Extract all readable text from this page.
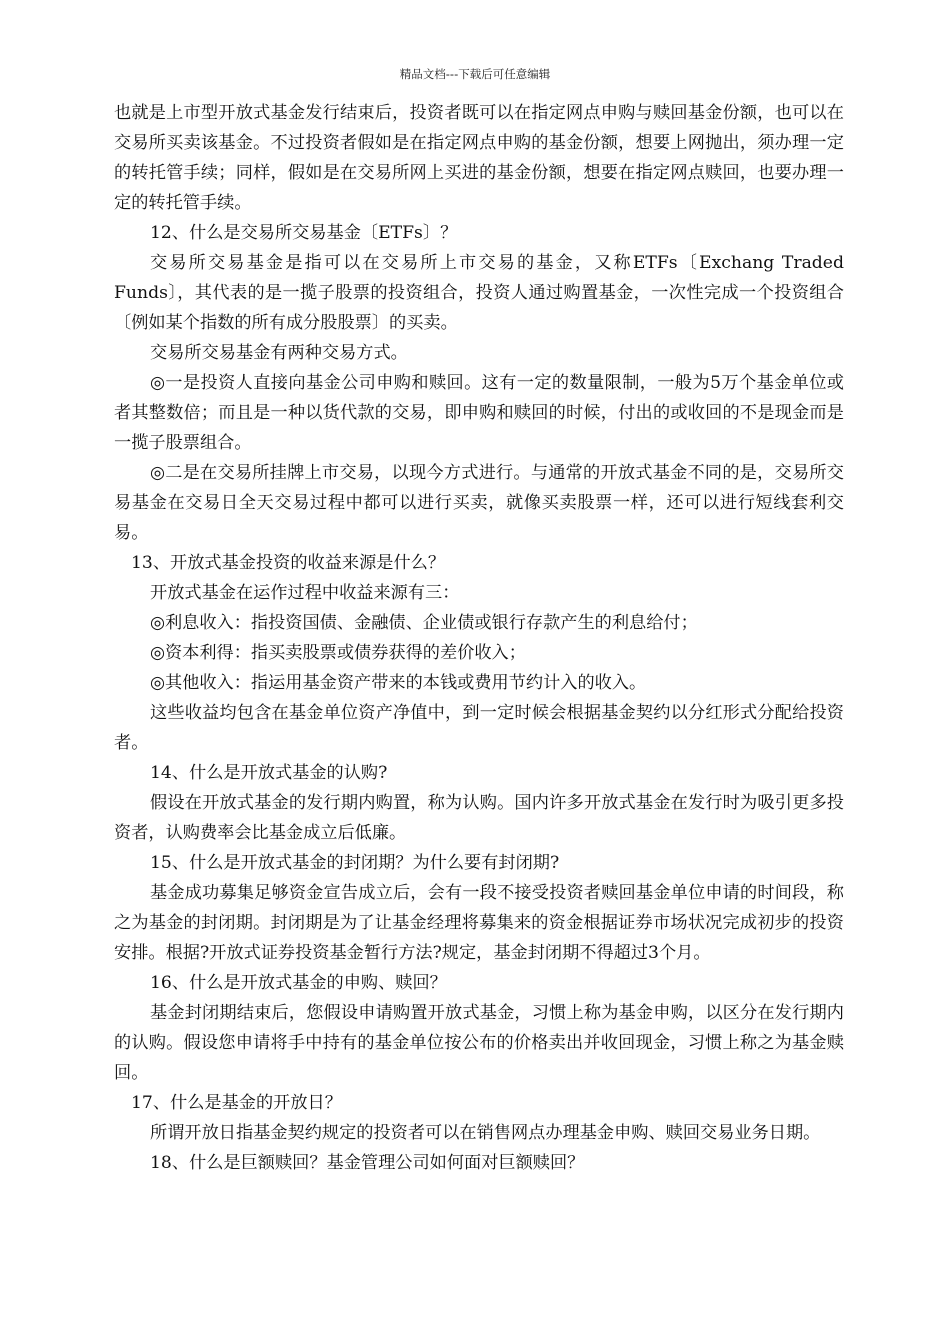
精品文档---下载后可任意编辑

也就是上市型开放式基金发行结束后，投资者既可以在指定网点申购与赎回基金份额，也可以在交易所买卖该基金。不过投资者假如是在指定网点申购的基金份额，想要上网抛出，须办理一定的转托管手续；同样，假如是在交易所网上买进的基金份额，想要在指定网点赎回，也要办理一定的转托管手续。

12、什么是交易所交易基金〔ETFs〕？

交易所交易基金是指可以在交易所上市交易的基金，又称ETFs〔Exchang Traded Funds〕，其代表的是一揽子股票的投资组合，投资人通过购置基金，一次性完成一个投资组合〔例如某个指数的所有成分股股票〕的买卖。

交易所交易基金有两种交易方式。

◎一是投资人直接向基金公司申购和赎回。这有一定的数量限制，一般为5万个基金单位或者其整数倍；而且是一种以货代款的交易，即申购和赎回的时候，付出的或收回的不是现金而是一揽子股票组合。

◎二是在交易所挂牌上市交易，以现今方式进行。与通常的开放式基金不同的是，交易所交易基金在交易日全天交易过程中都可以进行买卖，就像买卖股票一样，还可以进行短线套利交易。

13、开放式基金投资的收益来源是什么？

开放式基金在运作过程中收益来源有三：

◎利息收入：指投资国债、金融债、企业债或银行存款产生的利息给付；

◎资本利得：指买卖股票或债券获得的差价收入；

◎其他收入：指运用基金资产带来的本钱或费用节约计入的收入。

这些收益均包含在基金单位资产净值中，到一定时候会根据基金契约以分红形式分配给投资者。

14、什么是开放式基金的认购?

假设在开放式基金的发行期内购置，称为认购。国内许多开放式基金在发行时为吸引更多投资者，认购费率会比基金成立后低廉。

15、什么是开放式基金的封闭期？为什么要有封闭期?

基金成功募集足够资金宣告成立后，会有一段不接受投资者赎回基金单位申请的时间段，称之为基金的封闭期。封闭期是为了让基金经理将募集来的资金根据证券市场状况完成初步的投资安排。根据?开放式证券投资基金暂行方法?规定，基金封闭期不得超过3个月。

16、什么是开放式基金的申购、赎回？

基金封闭期结束后，您假设申请购置开放式基金，习惯上称为基金申购，以区分在发行期内的认购。假设您申请将手中持有的基金单位按公布的价格卖出并收回现金，习惯上称之为基金赎回。

17、什么是基金的开放日？

所谓开放日指基金契约规定的投资者可以在销售网点办理基金申购、赎回交易业务日期。

18、什么是巨额赎回？基金管理公司如何面对巨额赎回？
